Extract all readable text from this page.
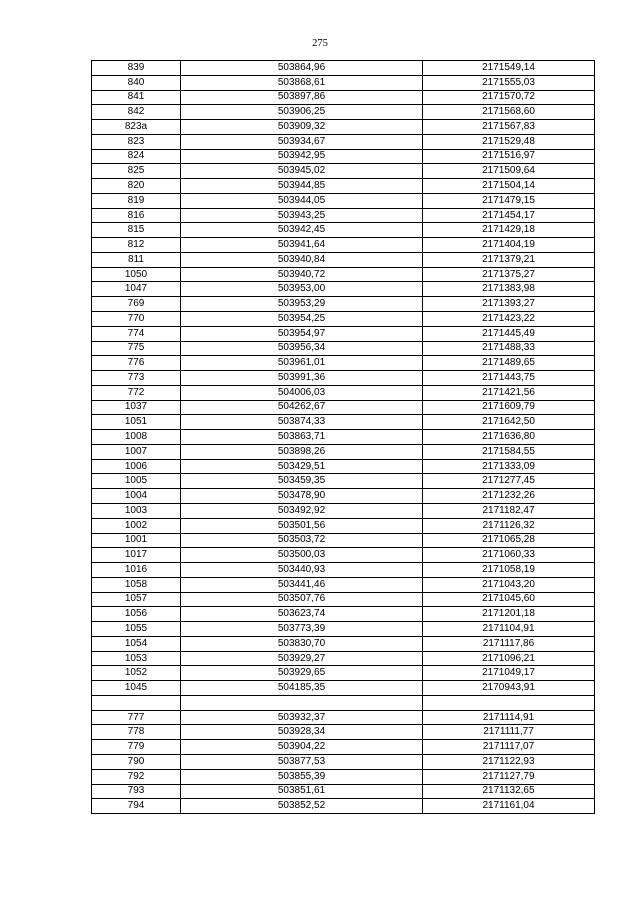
275
839	503864,96	2171549,14
840	503868,61	2171555,03
841	503897,86	2171570,72
842	503906,25	2171568,60
823a	503909,32	2171567,83
823	503934,67	2171529,48
824	503942,95	2171516,97
825	503945,02	2171509,64
820	503944,85	2171504,14
819	503944,05	2171479,15
816	503943,25	2171454,17
815	503942,45	2171429,18
812	503941,64	2171404,19
811	503940,84	2171379,21
1050	503940,72	2171375,27
1047	503953,00	2171383,98
769	503953,29	2171393,27
770	503954,25	2171423,22
774	503954,97	2171445,49
775	503956,34	2171488,33
776	503961,01	2171489,65
773	503991,36	2171443,75
772	504006,03	2171421,56
1037	504262,67	2171609,79
1051	503874,33	2171642,50
1008	503863,71	2171636,80
1007	503898,26	2171584,55
1006	503429,51	2171333,09
1005	503459,35	2171277,45
1004	503478,90	2171232,26
1003	503492,92	2171182,47
1002	503501,56	2171126,32
1001	503503,72	2171065,28
1017	503500,03	2171060,33
1016	503440,93	2171058,19
1058	503441,46	2171043,20
1057	503507,76	2171045,60
1056	503623,74	2171201,18
1055	503773,39	2171104,91
1054	503830,70	2171117,86
1053	503929,27	2171096,21
1052	503929,65	2171049,17
1045	504185,35	2170943,91

777	503932,37	2171114,91
778	503928,34	2171111,77
779	503904,22	2171117,07
790	503877,53	2171122,93
792	503855,39	2171127,79
793	503851,61	2171132,65
794	503852,52	2171161,04
